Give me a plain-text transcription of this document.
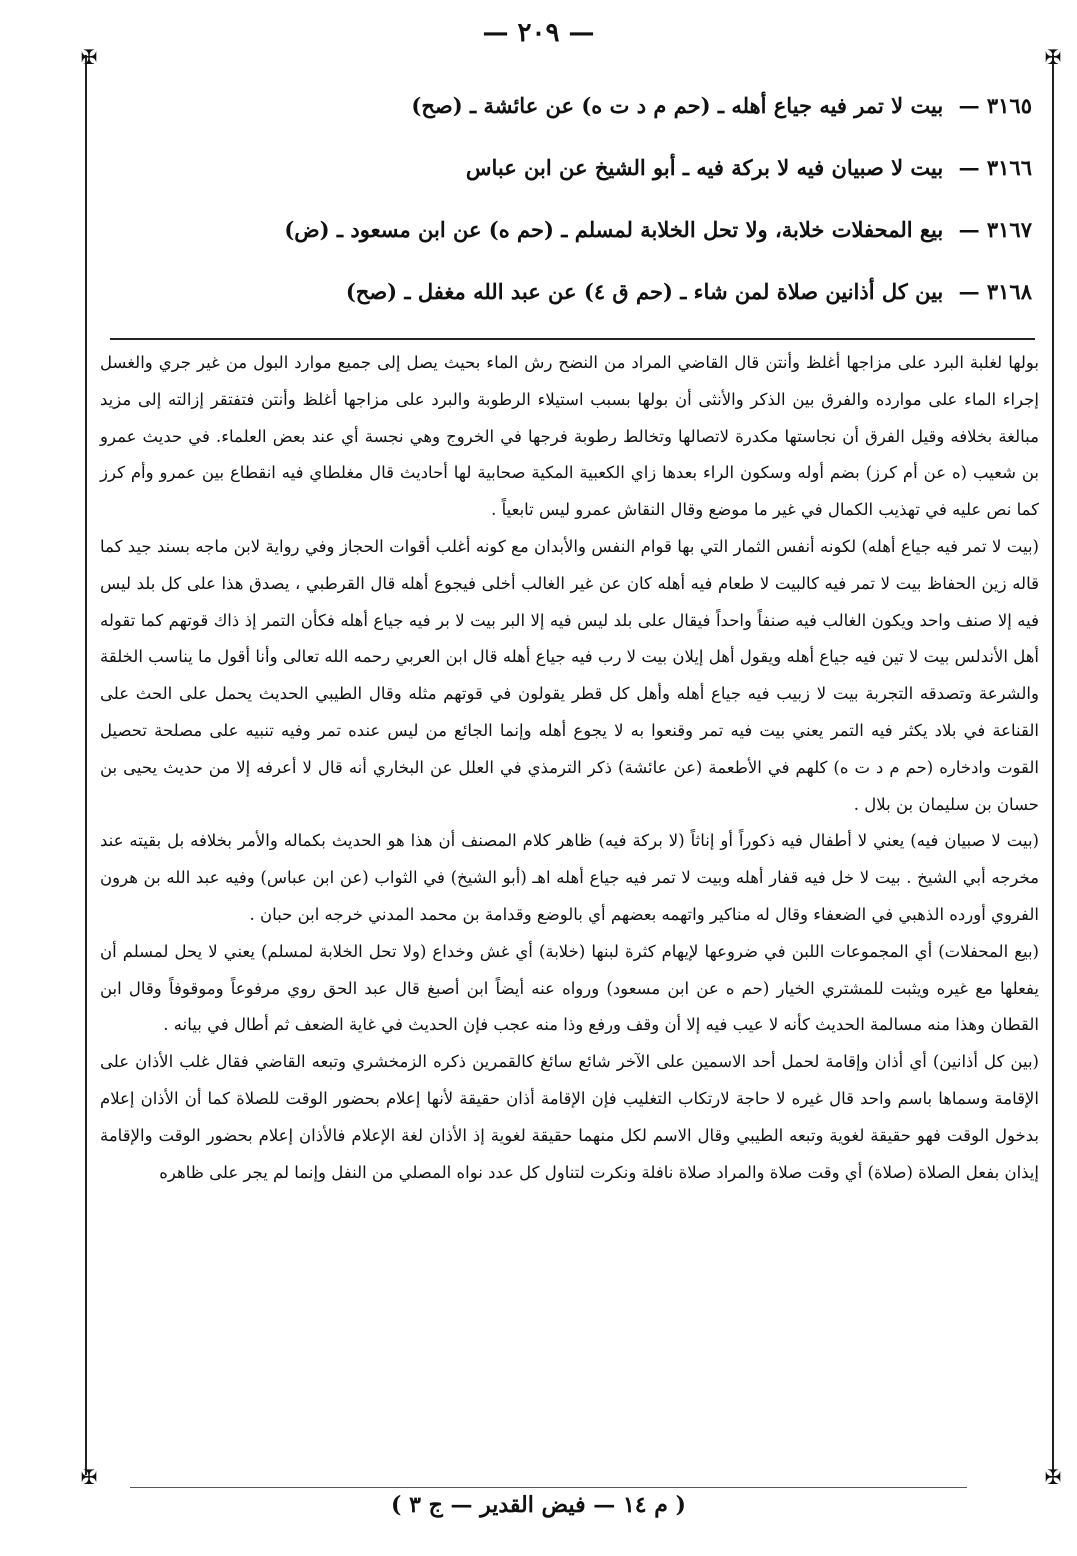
✠	✠
✠	✠
— ٢٠٩ —
٣١٦٥ — بيت لا تمر فيه جياع أهله ـ (حم م د ت ه) عن عائشة ـ (صح)
٣١٦٦ — بيت لا صبيان فيه لا بركة فيه ـ أبو الشيخ عن ابن عباس
٣١٦٧ — بيع المحفلات خلابة، ولا تحل الخلابة لمسلم ـ (حم ه) عن ابن مسعود ـ (ض)
٣١٦٨ — بين كل أذانين صلاة لمن شاء ـ (حم ق ٤) عن عبد الله مغفل ـ (صح)

بولها لغلبة البرد على مزاجها أغلظ وأنتن قال القاضي المراد من النضح رش الماء بحيث يصل إلى جميع موارد البول من غير جري والغسل إجراء الماء على موارده والفرق بين الذكر والأنثى أن بولها بسبب استيلاء الرطوبة والبرد على مزاجها أغلظ وأنتن فتفتقر إزالته إلى مزيد مبالغة بخلافه وقيل الفرق أن نجاستها مكدرة لاتصالها وتخالط رطوبة فرجها في الخروج وهي نجسة أي عند بعض العلماء. في حديث عمرو بن شعيب (ه عن أم كرز) بضم أوله وسكون الراء بعدها زاي الكعبية المكية صحابية لها أحاديث قال مغلطاي فيه انقطاع بين عمرو وأم كرز كما نص عليه في تهذيب الكمال في غير ما موضع وقال النقاش عمرو ليس تابعياً .

(بيت لا تمر فيه جياع أهله) لكونه أنفس الثمار التي بها قوام النفس والأبدان مع كونه أغلب أقوات الحجاز وفي رواية لابن ماجه بسند جيد كما قاله زين الحفاظ بيت لا تمر فيه كالبيت لا طعام فيه أهله كان عن غير الغالب أخلى فيجوع أهله قال القرطبي ، يصدق هذا على كل بلد ليس فيه إلا صنف واحد ويكون الغالب فيه صنفاً واحداً فيقال على بلد ليس فيه إلا البر بيت لا بر فيه جياع أهله فكأن التمر إذ ذاك قوتهم كما تقوله أهل الأندلس بيت لا تين فيه جياع أهله ويقول أهل إيلان بيت لا رب فيه جياع أهله قال ابن العربي رحمه الله تعالى وأنا أقول ما يناسب الخلقة والشرعة وتصدقه التجربة بيت لا زبيب فيه جياع أهله وأهل كل قطر يقولون في قوتهم مثله وقال الطيبي الحديث يحمل على الحث على القناعة في بلاد يكثر فيه التمر يعني بيت فيه تمر وقنعوا به لا يجوع أهله وإنما الجائع من ليس عنده تمر وفيه تنبيه على مصلحة تحصيل القوت وادخاره (حم م د ت ه) كلهم في الأطعمة (عن عائشة) ذكر الترمذي في العلل عن البخاري أنه قال لا أعرفه إلا من حديث يحيى بن حسان بن سليمان بن بلال .

(بيت لا صبيان فيه) يعني لا أطفال فيه ذكوراً أو إناثاً (لا بركة فيه) ظاهر كلام المصنف أن هذا هو الحديث بكماله والأمر بخلافه بل بقيته عند مخرجه أبي الشيخ . بيت لا خل فيه قفار أهله وبيت لا تمر فيه جياع أهله اهـ (أبو الشيخ) في الثواب (عن ابن عباس) وفيه عبد الله بن هرون الفروي أورده الذهبي في الضعفاء وقال له مناكير واتهمه بعضهم أي بالوضع وقدامة بن محمد المدني خرجه ابن حبان .

(بيع المحفلات) أي المجموعات اللبن في ضروعها لإيهام كثرة لبنها (خلابة) أي غش وخداع (ولا تحل الخلابة لمسلم) يعني لا يحل لمسلم أن يفعلها مع غيره ويثبت للمشتري الخيار (حم ه عن ابن مسعود) ورواه عنه أيضاً ابن أصبغ قال عبد الحق روي مرفوعاً وموقوفاً وقال ابن القطان وهذا منه مسالمة الحديث كأنه لا عيب فيه إلا أن وقف ورفع وذا منه عجب فإن الحديث في غاية الضعف ثم أطال في بيانه .

(بين كل أذانين) أي أذان وإقامة لحمل أحد الاسمين على الآخر شائع سائغ كالقمرين ذكره الزمخشري وتبعه القاضي فقال غلب الأذان على الإقامة وسماها باسم واحد قال غيره لا حاجة لارتكاب التغليب فإن الإقامة أذان حقيقة لأنها إعلام بحضور الوقت للصلاة كما أن الأذان إعلام بدخول الوقت فهو حقيقة لغوية وتبعه الطيبي وقال الاسم لكل منهما حقيقة لغوية إذ الأذان لغة الإعلام فالأذان إعلام بحضور الوقت والإقامة إيذان بفعل الصلاة (صلاة) أي وقت صلاة والمراد صلاة نافلة ونكرت لتناول كل عدد نواه المصلي من النفل وإنما لم يجر على ظاهره

( م ١٤ — فيض القدير — ج ٣ )
